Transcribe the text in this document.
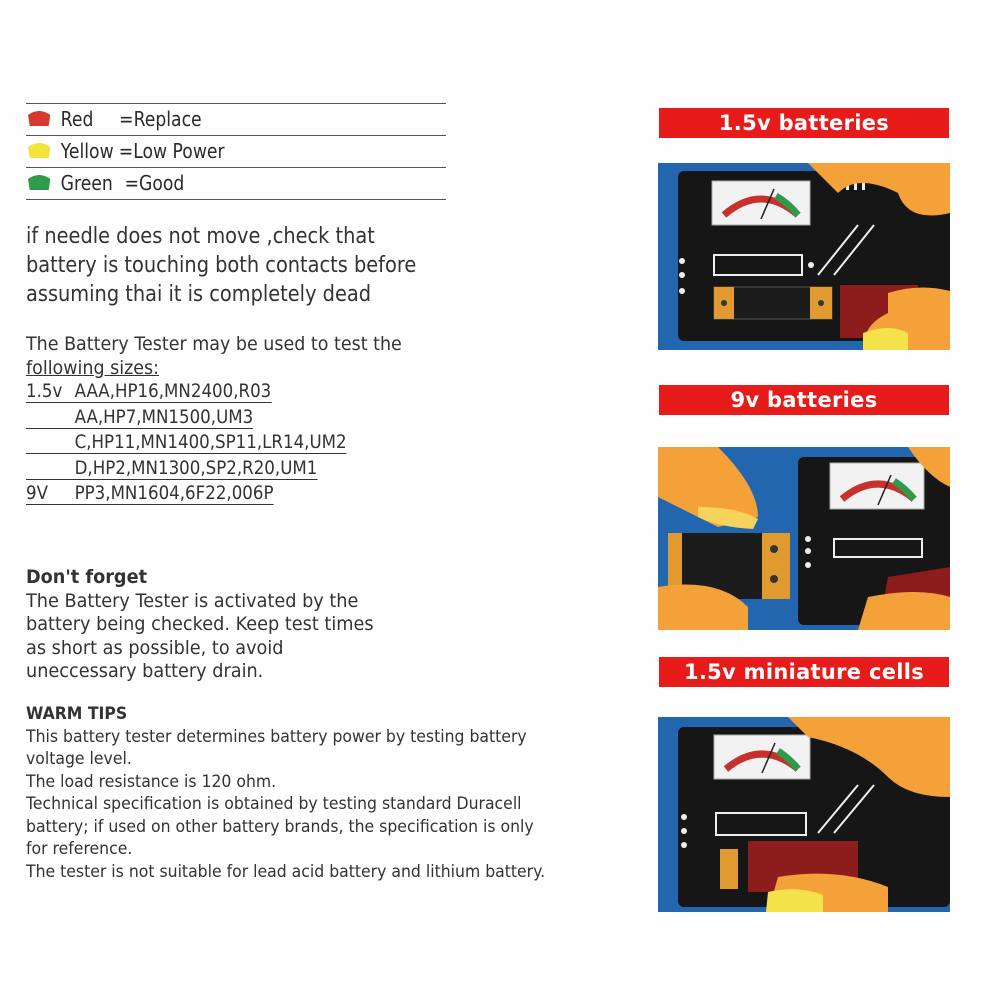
Red	=Replace
Yellow =Low Power
Green =Good
if needle does not move ,check that
battery is touching both contacts before
assuming thai it is completely dead
The Battery Tester may be used to test the
following sizes:
1.5v AAA,HP16,MN2400,R03
AA,HP7,MN1500,UM3
C,HP11,MN1400,SP11,LR14,UM2
D,HP2,MN1300,SP2,R20,UM1
9V PP3,MN1604,6F22,006P
Don't forget
The Battery Tester is activated by the
battery being checked. Keep test times
as short as possible, to avoid
uneccessary battery drain.
WARM TIPS
This battery tester determines battery power by testing battery
voltage level.
The load resistance is 120 ohm.
Technical specification is obtained by testing standard Duracell
battery; if used on other battery brands, the specification is only
for reference.
The tester is not suitable for lead acid battery and lithium battery.
1.5v batteries
9v batteries
1.5v miniature cells
